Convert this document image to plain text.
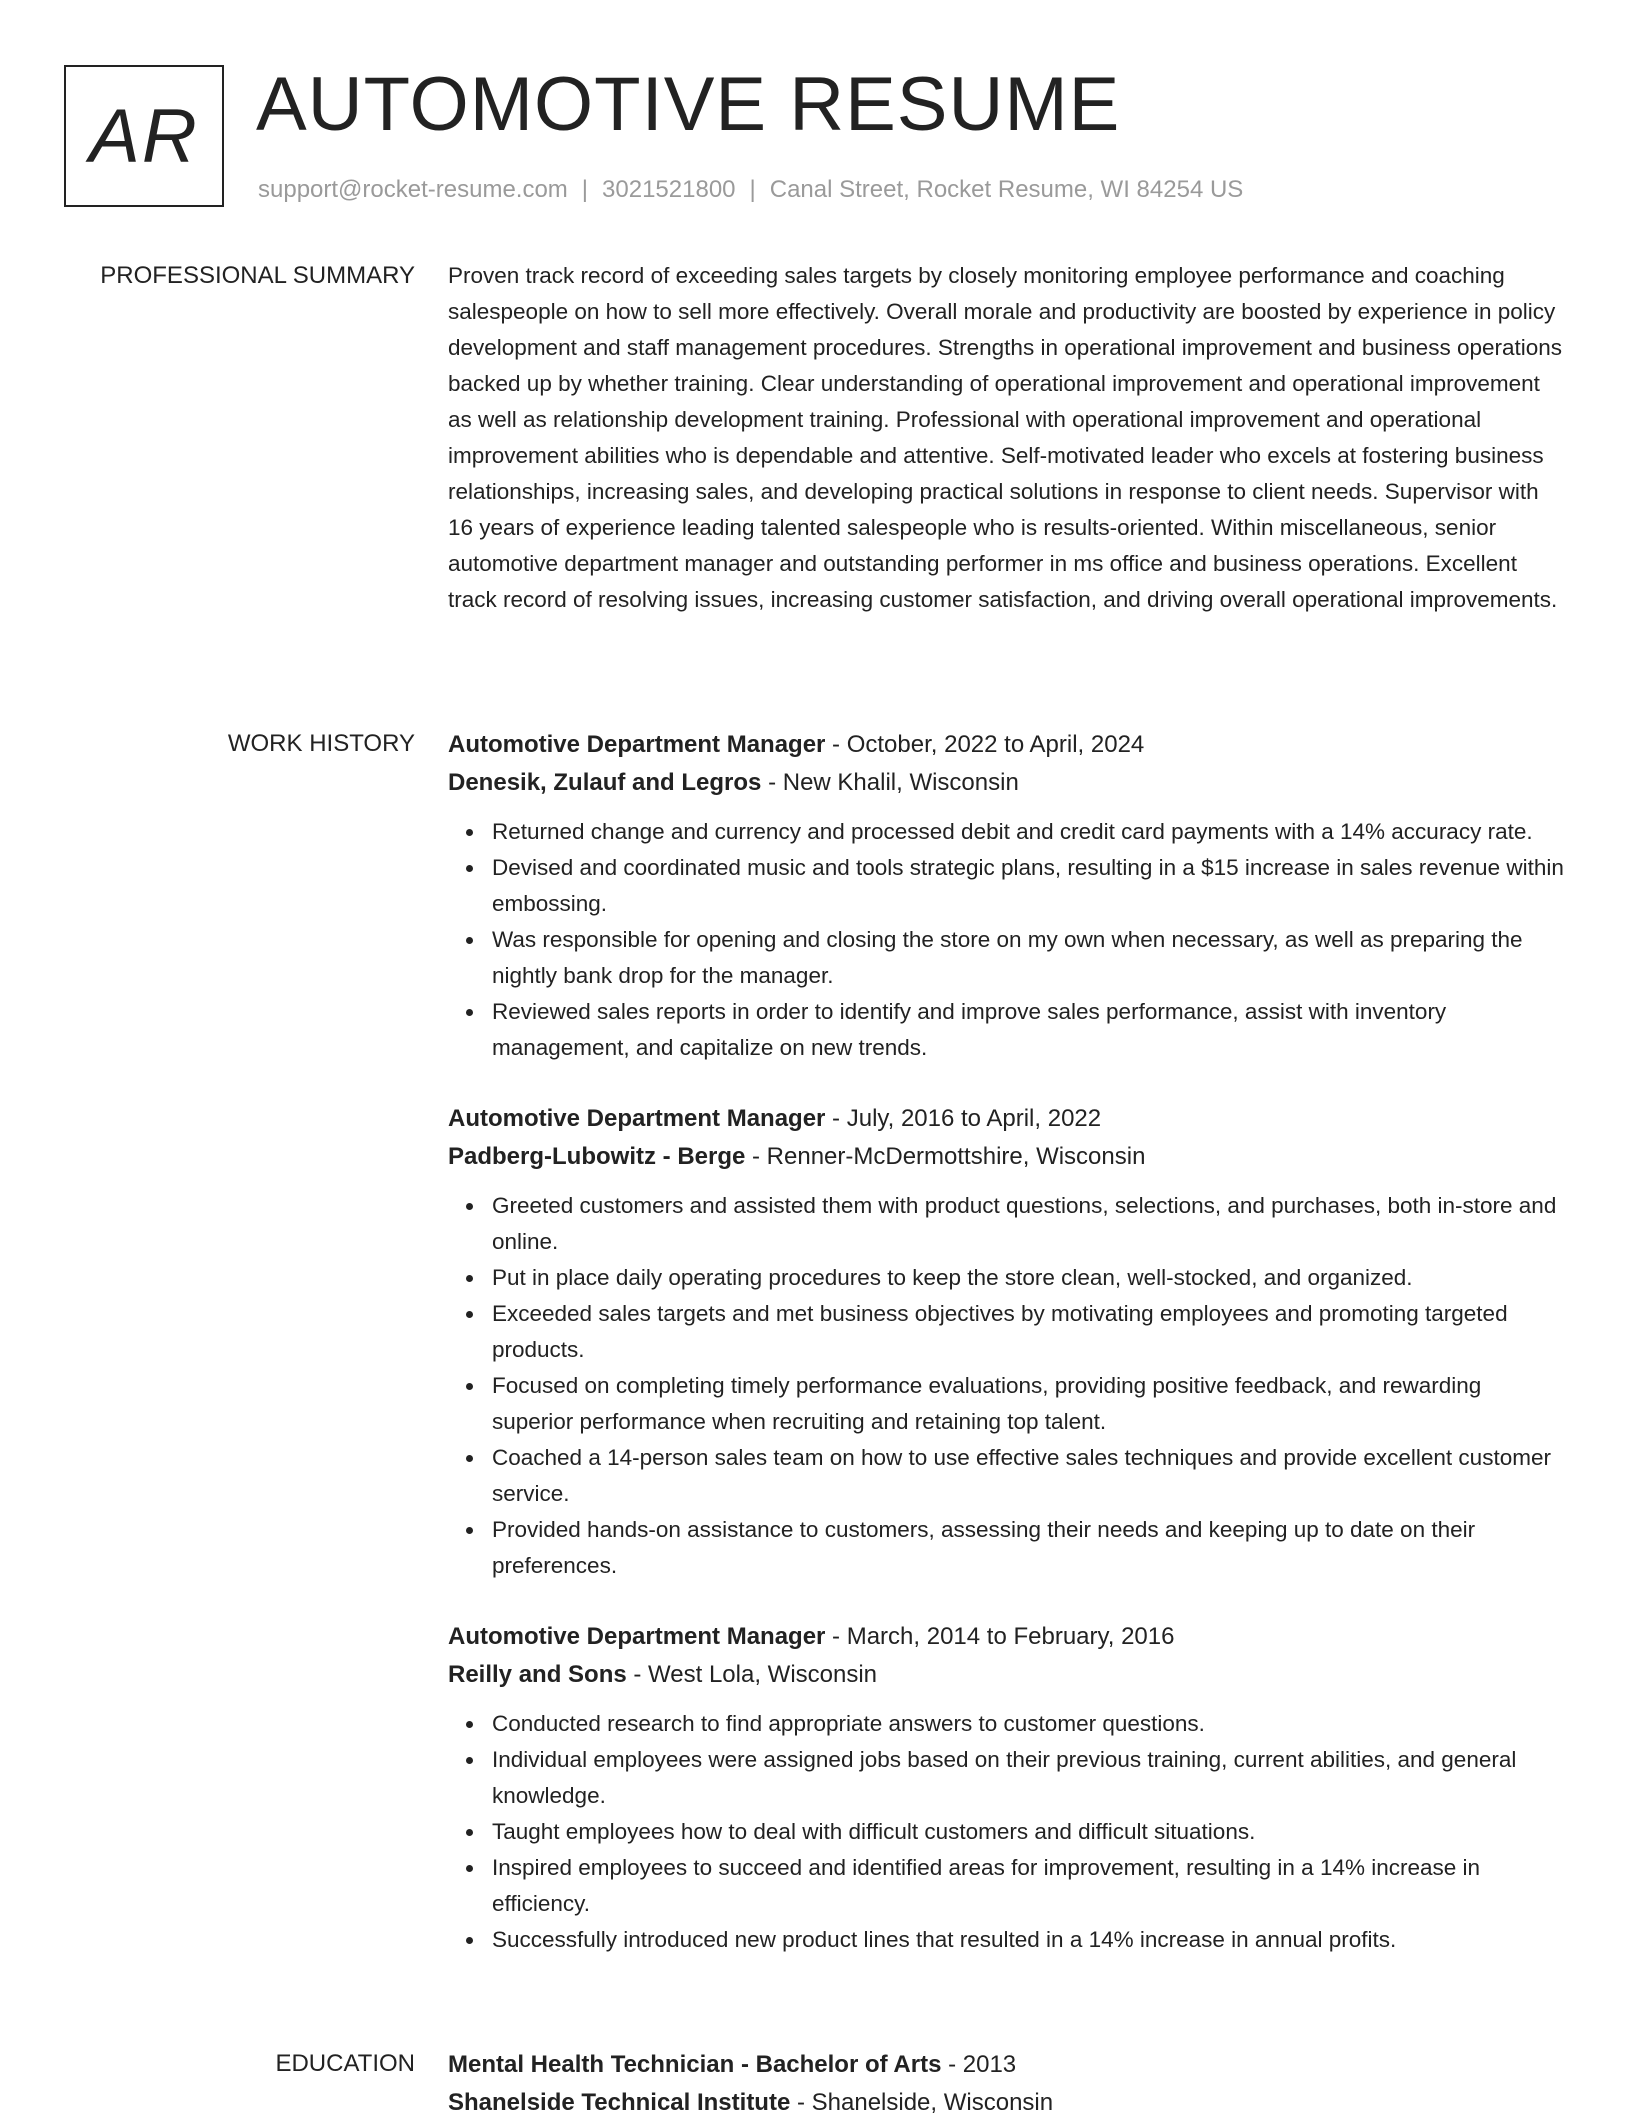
AR AUTOMOTIVE RESUME
support@rocket-resume.com | 3021521800 | Canal Street, Rocket Resume, WI 84254 US
PROFESSIONAL SUMMARY Proven track record of exceeding sales targets by closely monitoring employee performance and coaching salespeople on how to sell more effectively. Overall morale and productivity are boosted by experience in policy development and staff management procedures. Strengths in operational improvement and business operations backed up by whether training. Clear understanding of operational improvement and operational improvement as well as relationship development training. Professional with operational improvement and operational improvement abilities who is dependable and attentive. Self-motivated leader who excels at fostering business relationships, increasing sales, and developing practical solutions in response to client needs. Supervisor with 16 years of experience leading talented salespeople who is results-oriented. Within miscellaneous, senior automotive department manager and outstanding performer in ms office and business operations. Excellent track record of resolving issues, increasing customer satisfaction, and driving overall operational improvements.

WORK HISTORY Automotive Department Manager - October, 2022 to April, 2024
Denesik, Zulauf and Legros - New Khalil, Wisconsin
Returned change and currency and processed debit and credit card payments with a 14% accuracy rate.
Devised and coordinated music and tools strategic plans, resulting in a $15 increase in sales revenue within embossing.
Was responsible for opening and closing the store on my own when necessary, as well as preparing the nightly bank drop for the manager.
Reviewed sales reports in order to identify and improve sales performance, assist with inventory management, and capitalize on new trends.
Automotive Department Manager - July, 2016 to April, 2022
Padberg-Lubowitz - Berge - Renner-McDermottshire, Wisconsin
Greeted customers and assisted them with product questions, selections, and purchases, both in-store and online.
Put in place daily operating procedures to keep the store clean, well-stocked, and organized.
Exceeded sales targets and met business objectives by motivating employees and promoting targeted products.
Focused on completing timely performance evaluations, providing positive feedback, and rewarding superior performance when recruiting and retaining top talent.
Coached a 14-person sales team on how to use effective sales techniques and provide excellent customer service.
Provided hands-on assistance to customers, assessing their needs and keeping up to date on their preferences.
Automotive Department Manager - March, 2014 to February, 2016
Reilly and Sons - West Lola, Wisconsin
Conducted research to find appropriate answers to customer questions.
Individual employees were assigned jobs based on their previous training, current abilities, and general knowledge.
Taught employees how to deal with difficult customers and difficult situations.
Inspired employees to succeed and identified areas for improvement, resulting in a 14% increase in efficiency.
Successfully introduced new product lines that resulted in a 14% increase in annual profits.
EDUCATION Mental Health Technician - Bachelor of Arts - 2013
Shanelside Technical Institute - Shanelside, Wisconsin
